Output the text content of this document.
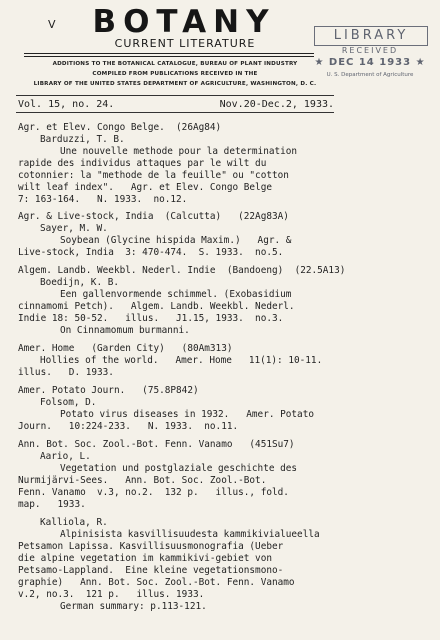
V	BOTANY
CURRENT LITERATURE
ADDITIONS TO THE BOTANICAL CATALOGUE, BUREAU OF PLANT INDUSTRY
COMPILED FROM PUBLICATIONS RECEIVED IN THE
LIBRARY OF THE UNITED STATES DEPARTMENT OF AGRICULTURE, WASHINGTON, D. C.
LIBRARY
RECEIVED
★ DEC 14 1933 ★
U. S. Department of Agriculture
Vol. 15, no. 24.	Nov.20-Dec.2, 1933.
Agr. et Elev. Congo Belge.  (26Ag84)
Barduzzi, T. B.
Une nouvelle methode pour la determination
rapide des individus attaques par le wilt du
cotonnier: la "methode de la feuille" ou "cotton
wilt leaf index".   Agr. et Elev. Congo Belge
7: 163-164.   N. 1933.  no.12.
Agr. & Live-stock, India  (Calcutta)   (22Ag83A)
Sayer, M. W.
Soybean (Glycine hispida Maxim.)   Agr. &
Live-stock, India  3: 470-474.  S. 1933.  no.5.
Algem. Landb. Weekbl. Nederl. Indie  (Bandoeng)  (22.5A13)
Boedijn, K. B.
Een gallenvormende schimmel. (Exobasidium
cinnamomi Petch).   Algem. Landb. Weekbl. Nederl.
Indie 18: 50-52.   illus.   J1.15, 1933.  no.3.
On Cinnamomum burmanni.
Amer. Home   (Garden City)   (80Am313)
Hollies of the world.   Amer. Home   11(1): 10-11.
illus.   D. 1933.
Amer. Potato Journ.   (75.8P842)
Folsom, D.
Potato virus diseases in 1932.   Amer. Potato
Journ.   10:224-233.   N. 1933.  no.11.
Ann. Bot. Soc. Zool.-Bot. Fenn. Vanamo   (451Su7)
Aario, L.
Vegetation und postglaziale geschichte des
Nurmijärvi-Sees.   Ann. Bot. Soc. Zool.-Bot.
Fenn. Vanamo  v.3, no.2.  132 p.   illus., fold.
map.   1933.
Kalliola, R.
Alpinisista kasvillisuudesta kammikivialueella
Petsamon Lapissa. Kasvillisuusmonografia (Ueber
die alpine vegetation im kammikivi-gebiet von
Petsamo-Lappland.  Eine kleine vegetationsmono-
graphie)   Ann. Bot. Soc. Zool.-Bot. Fenn. Vanamo
v.2, no.3.  121 p.   illus. 1933.
German summary: p.113-121.
